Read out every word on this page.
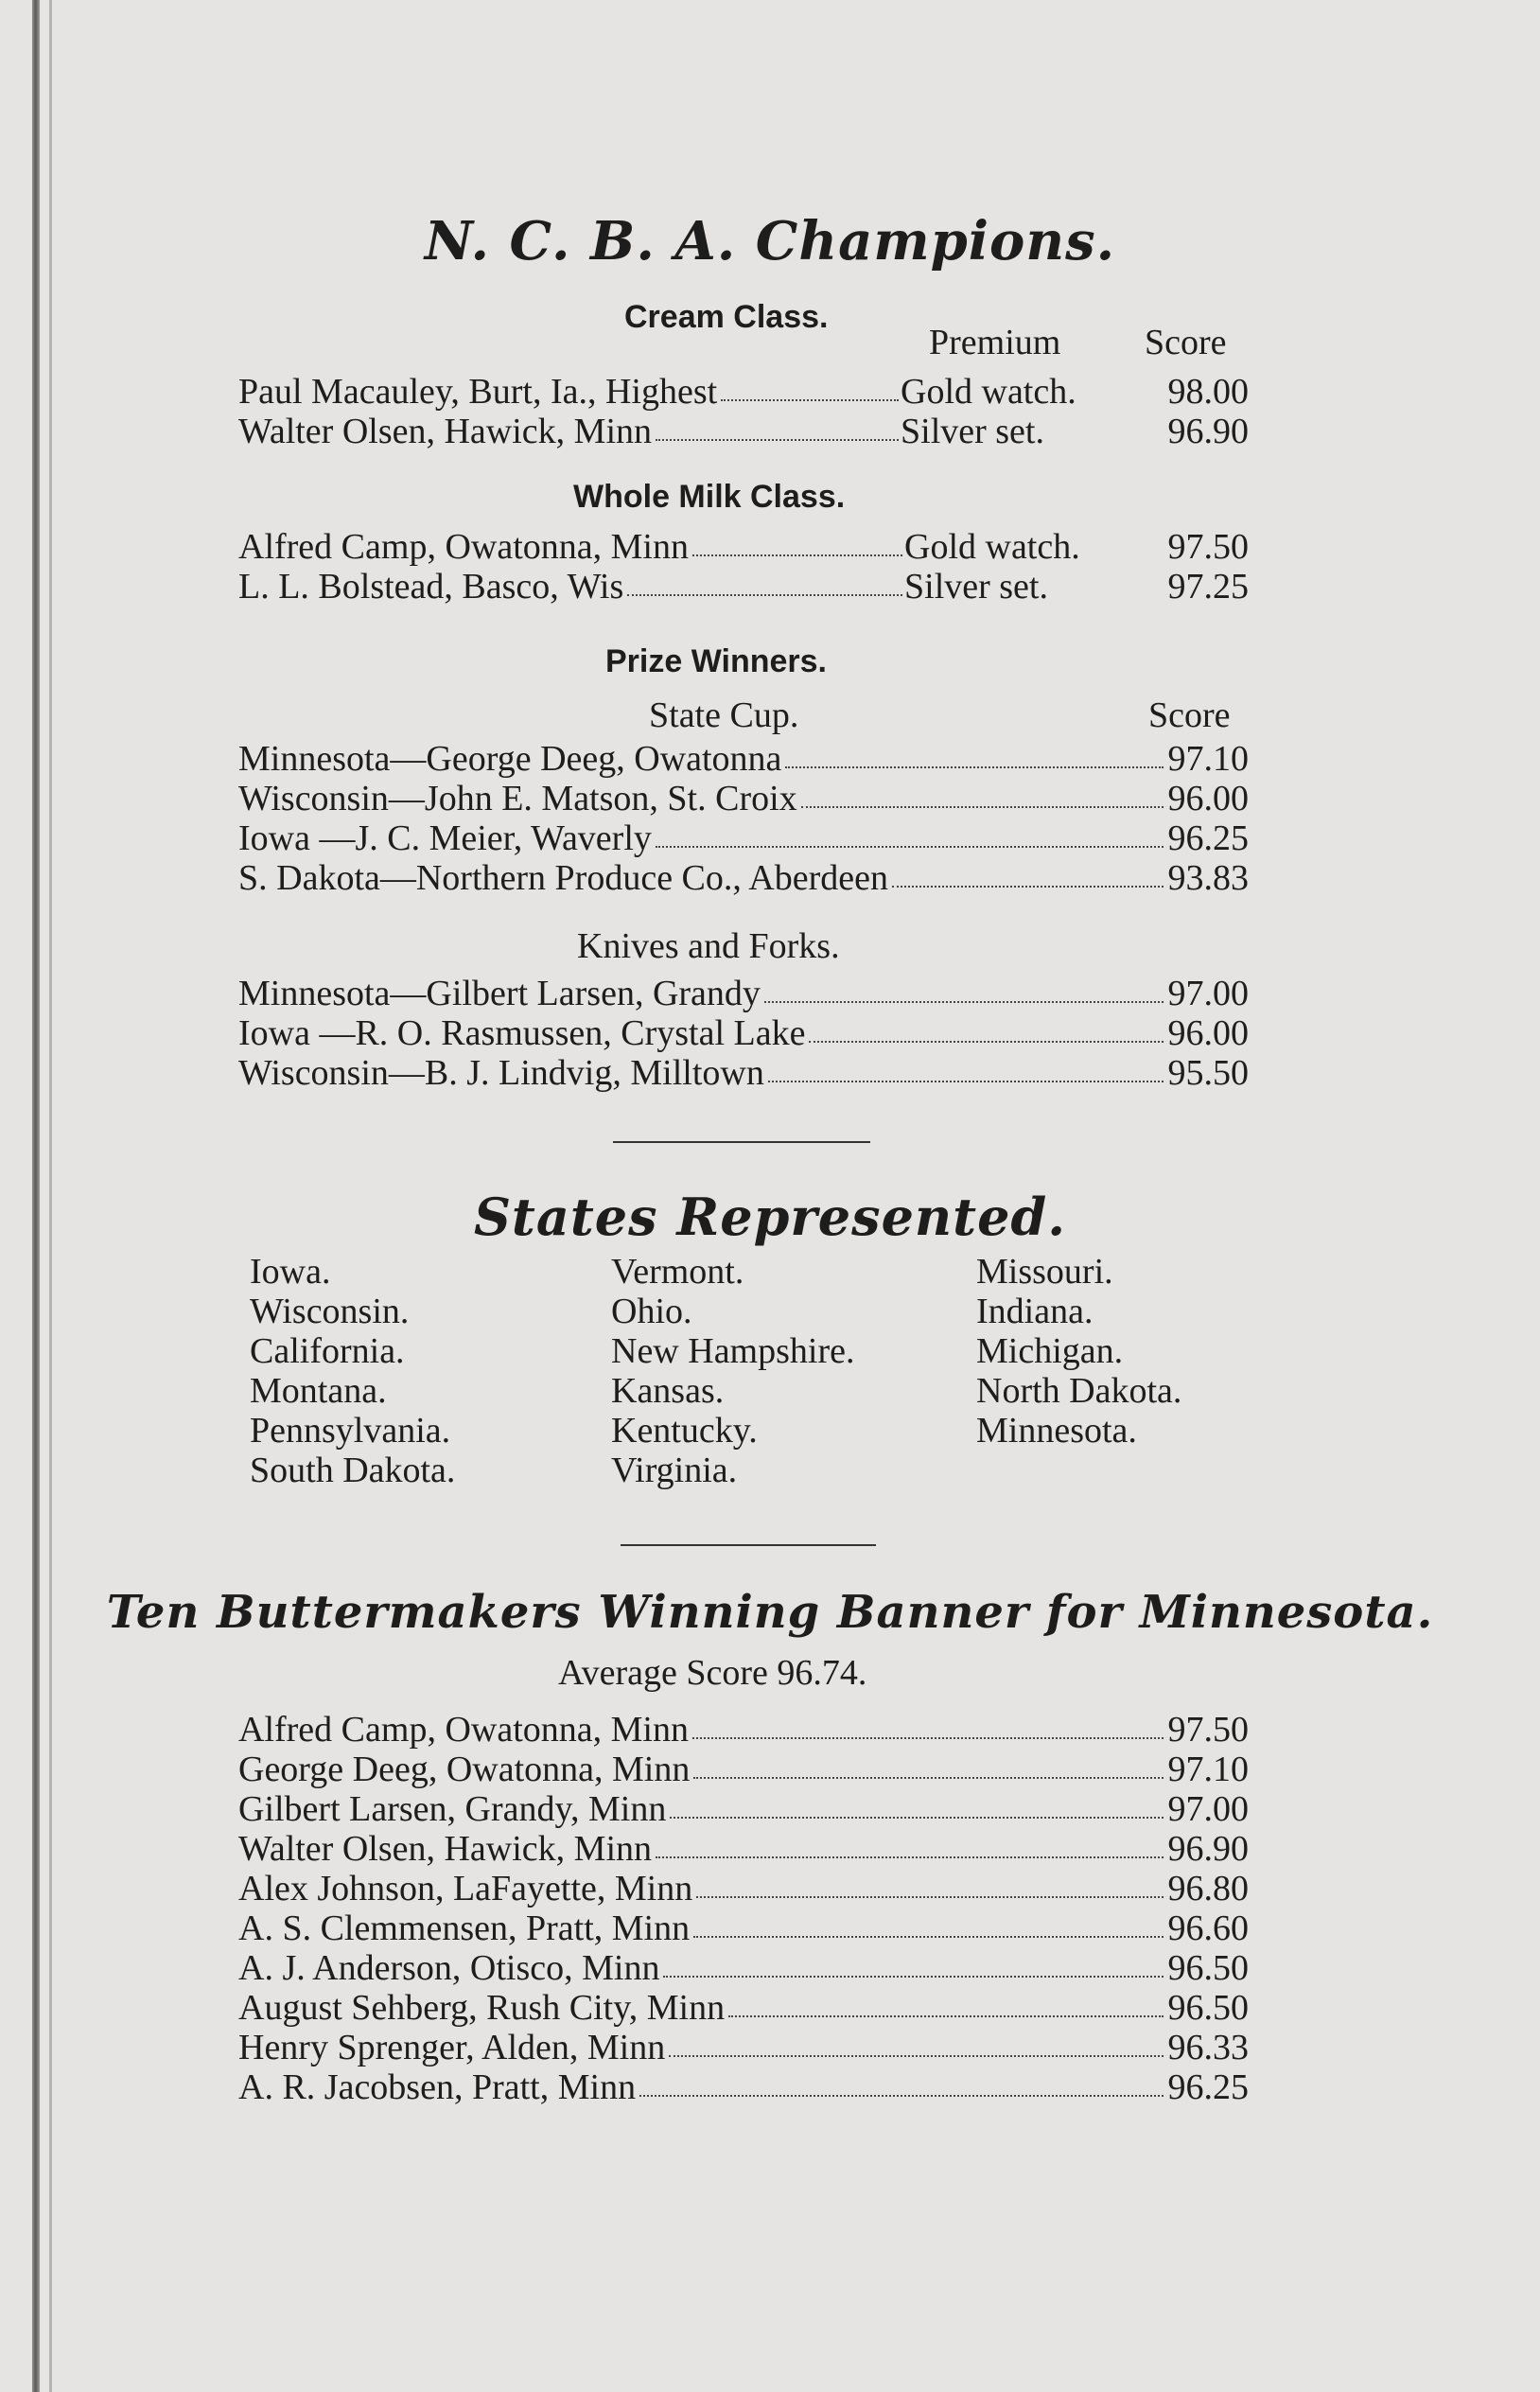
N. C. B. A. Champions.
Cream Class.
Premium Score
Paul Macauley, Burt, Ia., Highest	Gold watch.	98.00
Walter Olsen, Hawick, Minn	Silver set.	96.90
Whole Milk Class.
Alfred Camp, Owatonna, Minn	Gold watch. 97.50
L. L. Bolstead, Basco, Wis	Silver set.	97.25
Prize Winners.
State Cup.	Score
Minnesota—George Deeg, Owatonna	97.10
Wisconsin—John E. Matson, St. Croix	96.00
Iowa —J. C. Meier, Waverly	96.25
S. Dakota—Northern Produce Co., Aberdeen	93.83
Knives and Forks.
Minnesota—Gilbert Larsen, Grandy	97.00
Iowa —R. O. Rasmussen, Crystal Lake	96.00
Wisconsin—B. J. Lindvig, Milltown	95.50
States Represented.
Iowa.
Wisconsin.
California.
Montana.
Pennsylvania.
South Dakota.
Vermont.
Ohio.
New Hampshire.
Kansas.
Kentucky.
Virginia.
Missouri.
Indiana.
Michigan.
North Dakota.
Minnesota.
Ten Buttermakers Winning Banner for Minnesota.
Average Score 96.74.
Alfred Camp, Owatonna, Minn	97.50
George Deeg, Owatonna, Minn	97.10
Gilbert Larsen, Grandy, Minn	97.00
Walter Olsen, Hawick, Minn	96.90
Alex Johnson, LaFayette, Minn	96.80
A. S. Clemmensen, Pratt, Minn	96.60
A. J. Anderson, Otisco, Minn	96.50
August Sehberg, Rush City, Minn	96.50
Henry Sprenger, Alden, Minn	96.33
A. R. Jacobsen, Pratt, Minn	96.25
